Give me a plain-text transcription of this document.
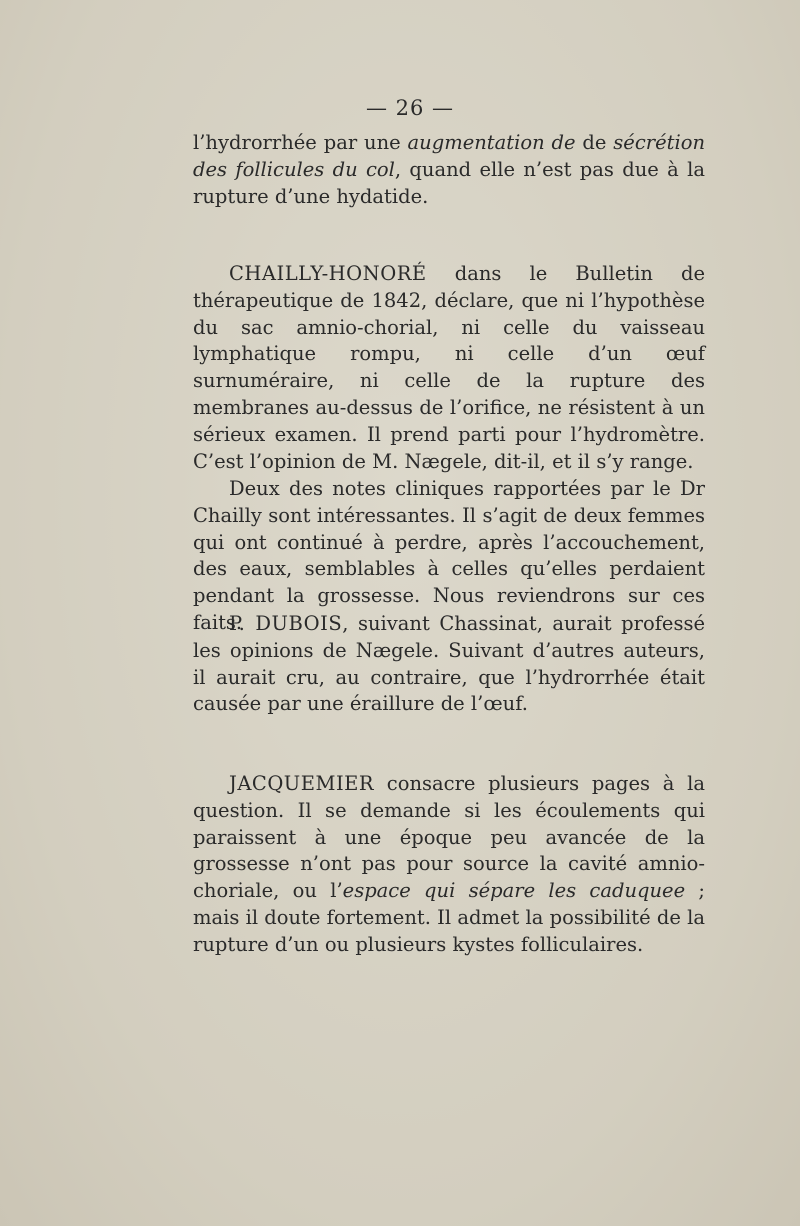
— 26 —

l’hydrorrhée par une augmentation de de sécrétion des follicules du col, quand elle n’est pas due à la rupture d’une hydatide.

CHAILLY-HONORÉ dans le Bulletin de thérapeutique de 1842, déclare, que ni l’hypothèse du sac amnio-chorial, ni celle du vaisseau lymphatique rompu, ni celle d’un œuf surnuméraire, ni celle de la rupture des membranes au-dessus de l’orifice, ne résistent à un sérieux examen. Il prend parti pour l’hydromètre. C’est l’opinion de M. Nægele, dit-il, et il s’y range.

Deux des notes cliniques rapportées par le Dr Chailly sont intéressantes. Il s’agit de deux femmes qui ont continué à perdre, après l’accouchement, des eaux, semblables à celles qu’elles perdaient pendant la grossesse. Nous reviendrons sur ces faits.

P. DUBOIS, suivant Chassinat, aurait professé les opinions de Nægele. Suivant d’autres auteurs, il aurait cru, au contraire, que l’hydrorrhée était causée par une éraillure de l’œuf.

JACQUEMIER consacre plusieurs pages à la question. Il se demande si les écoulements qui paraissent à une époque peu avancée de la grossesse n’ont pas pour source la cavité amnio-choriale, ou l’espace qui sépare les caduquee ; mais il doute fortement. Il admet la possibilité de la rupture d’un ou plusieurs kystes folliculaires.
